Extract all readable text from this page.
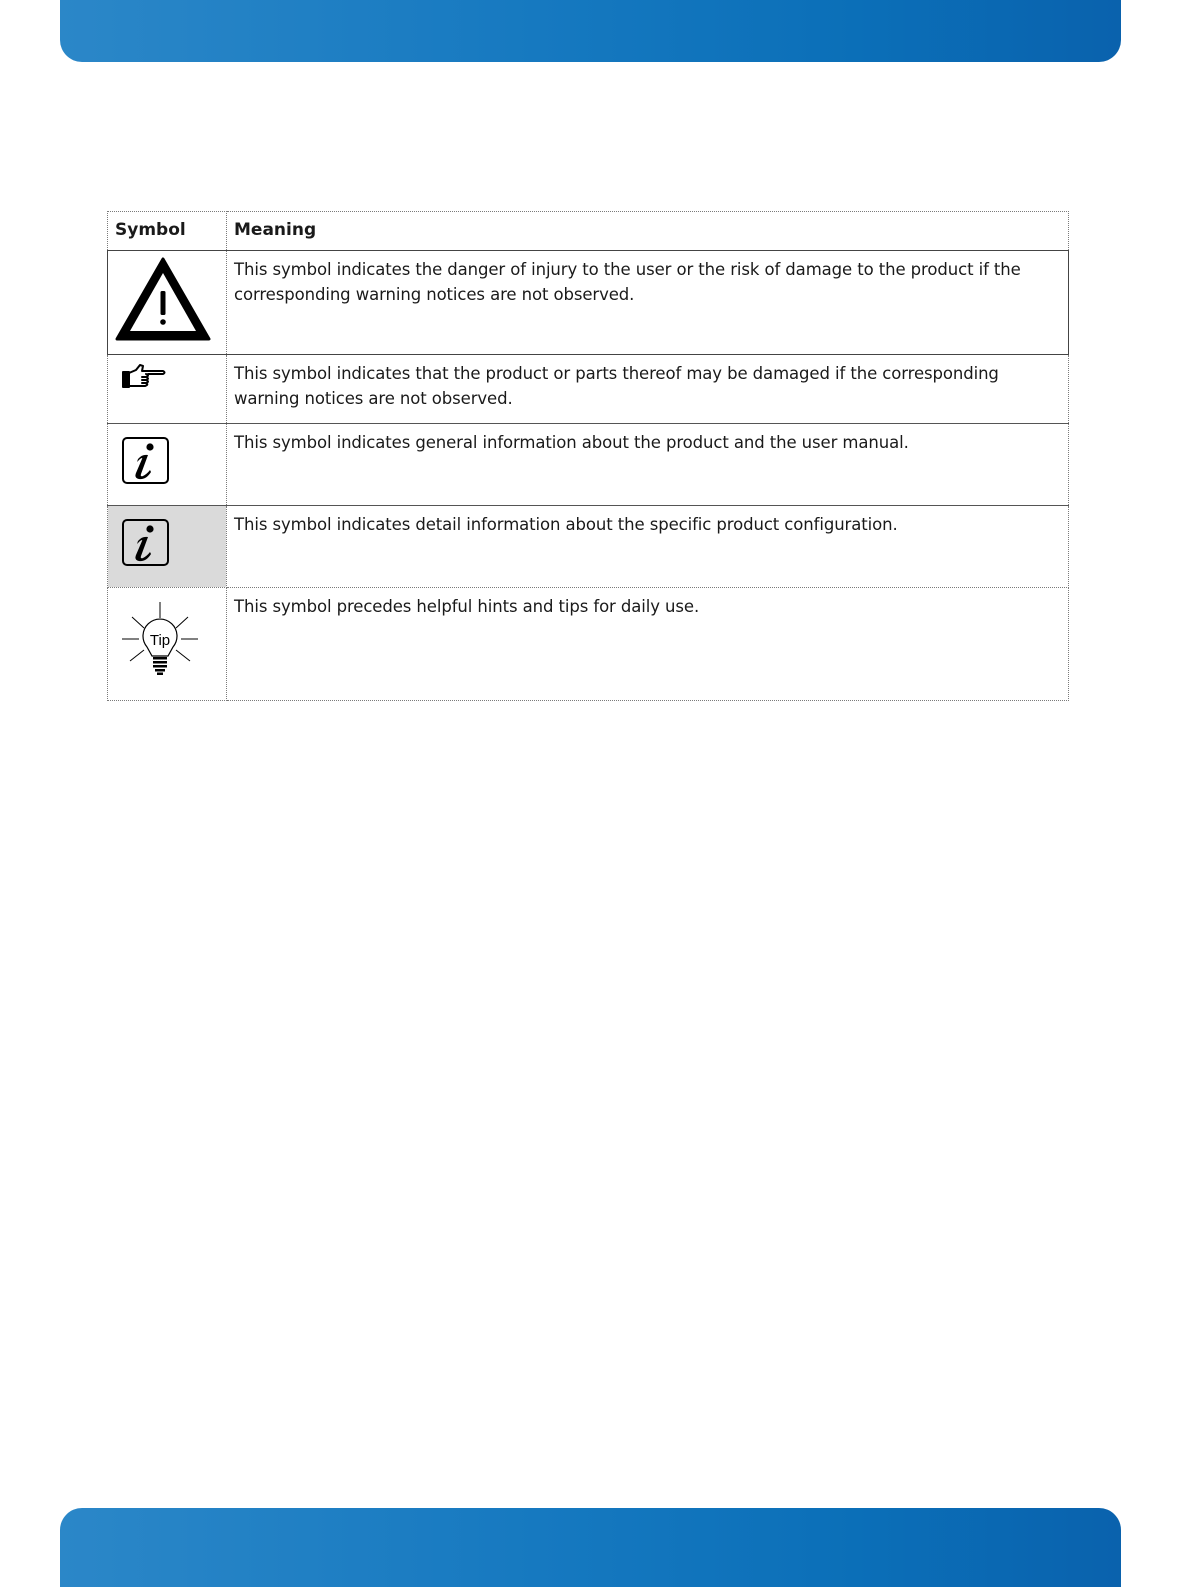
Symbol	Meaning

	This symbol indicates the danger of injury to the user or the risk of damage to the product if the corresponding warning notices are not observed.

	This symbol indicates that the product or parts thereof may be damaged if the corresponding warning notices are not observed.

	This symbol indicates general information about the product and the user manual.

	This symbol indicates detail information about the specific product configuration.

Tip	This symbol precedes helpful hints and tips for daily use.
